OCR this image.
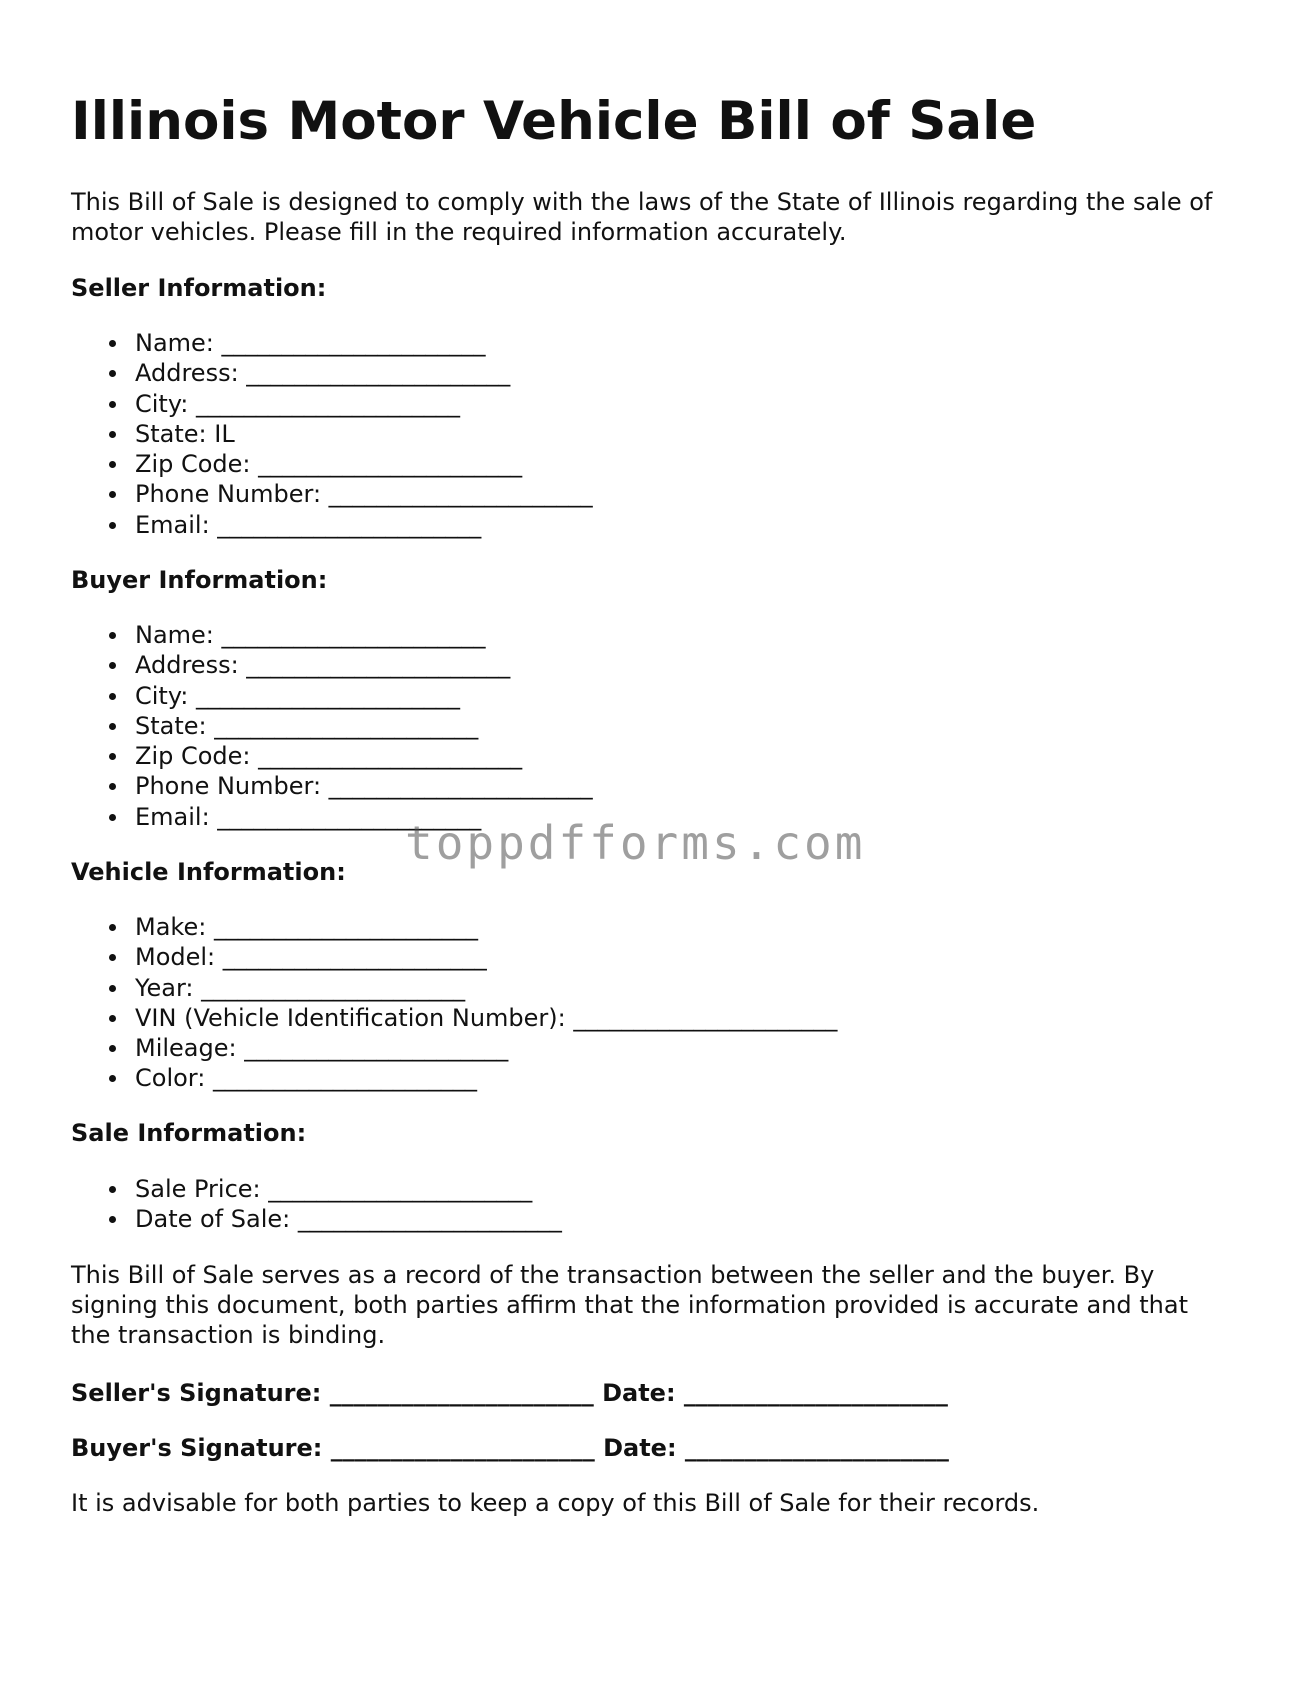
Illinois Motor Vehicle Bill of Sale

This Bill of Sale is designed to comply with the laws of the State of Illinois regarding the sale of motor vehicles. Please fill in the required information accurately.

Seller Information:
Name: ______________________
Address: ______________________
City: ______________________
State: IL
Zip Code: ______________________
Phone Number: ______________________
Email: ______________________
Buyer Information:
Name: ______________________
Address: ______________________
City: ______________________
State: ______________________
Zip Code: ______________________
Phone Number: ______________________
Email: ______________________
Vehicle Information:
Make: ______________________
Model: ______________________
Year: ______________________
VIN (Vehicle Identification Number): ______________________
Mileage: ______________________
Color: ______________________
Sale Information:
Sale Price: ______________________
Date of Sale: ______________________

This Bill of Sale serves as a record of the transaction between the seller and the buyer. By signing this document, both parties affirm that the information provided is accurate and that the transaction is binding.

Seller's Signature: ______________________ Date: ______________________
Buyer's Signature: ______________________ Date: ______________________

It is advisable for both parties to keep a copy of this Bill of Sale for their records.

toppdfforms.com
